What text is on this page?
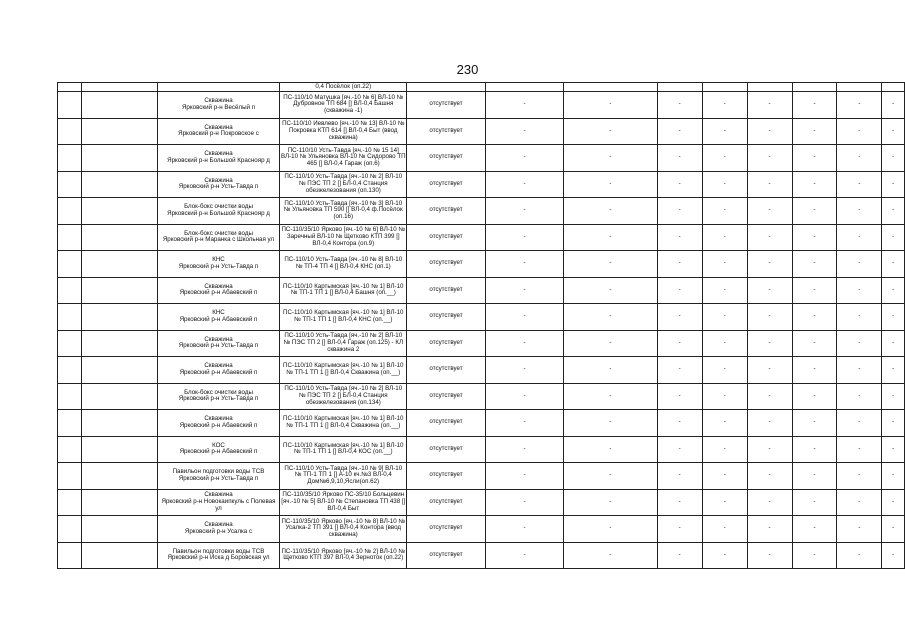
230
			0,4 Посёлок (оп.22)									
		Скважина
Ярковский р-н Весёлый п	ПС-110/10 Матушка [яч.-10 № 6] ВЛ-10 № Дубровное ТП 684 [] ВЛ-0,4 Башня (скважина -1)	отсутствует	-	-	-	-	-	-	-	-
		Скважина
Ярковский р-н Покровское с	ПС-110/10 Иевлево [яч.-10 № 13] ВЛ-10 № Покровка КТП 614 [] ВЛ-0,4 Быт (ввод скважина)	отсутствует	-	-	-	-	-	-	-	-
		Скважина
Ярковский р-н Большой Краснояр д	ПС-110/10 Усть-Тавда [яч.-10 № 15 14] ВЛ-10 № Ульяновка ВЛ-10 № Сидорово ТП 465 [] ВЛ-0,4 Гараж (оп.6)	отсутствует	-	-	-	-	-	-	-	-
		Скважина
Ярковский р-н Усть-Тавда п	ПС-110/10 Усть-Тавда [яч.-10 № 2] ВЛ-10 № ПЭС ТП 2 [] БЛ-0,4 Станция обезжелезования (оп.130)	отсутствует	-	-	-	-	-	-	-	-
		Блок-бокс очистки воды
Ярковский р-н Большой Краснояр д	ПС-110/10 Усть-Тавда [яч.-10 № 3] ВЛ-10 № Ульяновка ТП 590 [] ВЛ-0,4 ф.Посёлок (оп.16)	отсутствует	-	-	-	-	-	-	-	-
		Блок-бокс очистки воды
Ярковский р-н Маранка с Школьная ул	ПС-110/35/10 Ярково [яч.-10 № 6] ВЛ-10 № Заречный ВЛ-10 № Щетково КТП 399 [] ВЛ-0,4 Контора (оп.9)	отсутствует	-	-	-	-	-	-	-	-
		КНС
Ярковский р-н Усть-Тавда п	ПС-110/10 Усть-Тавда [яч.-10 № 8] ВЛ-10 № ТП-4 ТП 4 [] ВЛ-0,4 КНС (оп.1)	отсутствует	-	-	-	-	-	-	-	-
		Скважина
Ярковский р-н Абаевский п	ПС-110/10 Картымская [яч.-10 № 1] ВЛ-10 № ТП-1 ТП 1 [] ВЛ-0,4 Башня (оп.__)	отсутствует	-	-	-	-	-	-	-	-
		КНС
Ярковский р-н Абаевский п	ПС-110/10 Картымская [яч.-10 № 1] ВЛ-10 № ТП-1 ТП 1 [] ВЛ-0,4 КНС (оп.__)	отсутствует	-	-	-	-	-	-	-	-
		Скважина
Ярковский р-н Усть-Тавда п	ПС-110/10 Усть-Тавда [яч.-10 № 2] ВЛ-10 № ПЭС ТП 2 [] ВЛ-0,4 Гараж (оп.125) - КЛ скважина 2	отсутствует	-	-	-	-	-	-	-	-
		Скважина
Ярковский р-н Абаевский п	ПС-110/10 Картымская [яч.-10 № 1] ВЛ-10 № ТП-1 ТП 1 [] ВЛ-0,4 Скважина (оп.__)	отсутствует	-	-	-	-	-	-	-	-
		Блок-бокс очистки воды
Ярковский р-н Усть-Тавда п	ПС-110/10 Усть-Тавда [яч.-10 № 2] ВЛ-10 № ПЭС ТП 2 [] БЛ-0,4 Станция обезжелезования (оп.134)	отсутствует	-	-	-	-	-	-	-	-
		Скважина
Ярковский р-н Абаевский п	ПС-110/10 Картымская [яч.-10 № 1] ВЛ-10 № ТП-1 ТП 1 [] ВЛ-0,4 Скважина (оп.__)	отсутствует	-	-	-	-	-	-	-	-
		КОС
Ярковский р-н Абаевский п	ПС-110/10 Картымская [яч.-10 № 1] ВЛ-10 № ТП-1 ТП 1 [] ВЛ-0,4 КОС (оп.__)	отсутствует	-	-	-	-	-	-	-	-
		Павильон подготовки воды ТСВ
Ярковский р-н Усть-Тавда п	ПС-110/10 Усть-Тавда [яч.-10 № 9] ВЛ-10 № ТП-1 ТП 1 [] А-10 кч.№3 ВЛ-0,4 Дом№6,9,10,Ясли(оп.62)	отсутствует	-	-	-	-	-	-	-	-
		Скважина
Ярковский р-н Новокаипкуль с Полевая ул	ПС-110/35/10 Ярково ПС-35/10 Больцевин [яч.-10 № 5] ВЛ-10 № Степановка ТП 438 [] ВЛ-0,4 Быт	отсутствует	-	-	-	-	-	-	-	-
		Скважина
Ярковский р-н Усалка с	ПС-110/35/10 Ярково [яч.-10 № 8] ВЛ-10 № Усалка-2 ТП 391 [] ВЛ-0,4 Контора (ввод скважина)	отсутствует	-	-	-	-	-	-	-	-
		Павильон подготовки воды ТСВ
Ярковский р-н Иска д Боровская ул	ПС-110/35/10 Ярково [яч.-10 № 2] ВЛ-10 № Щетково КТП 397 ВЛ-0,4 Зерноток (оп.22)	отсутствует	-	-	-	-	-	-	-	-
